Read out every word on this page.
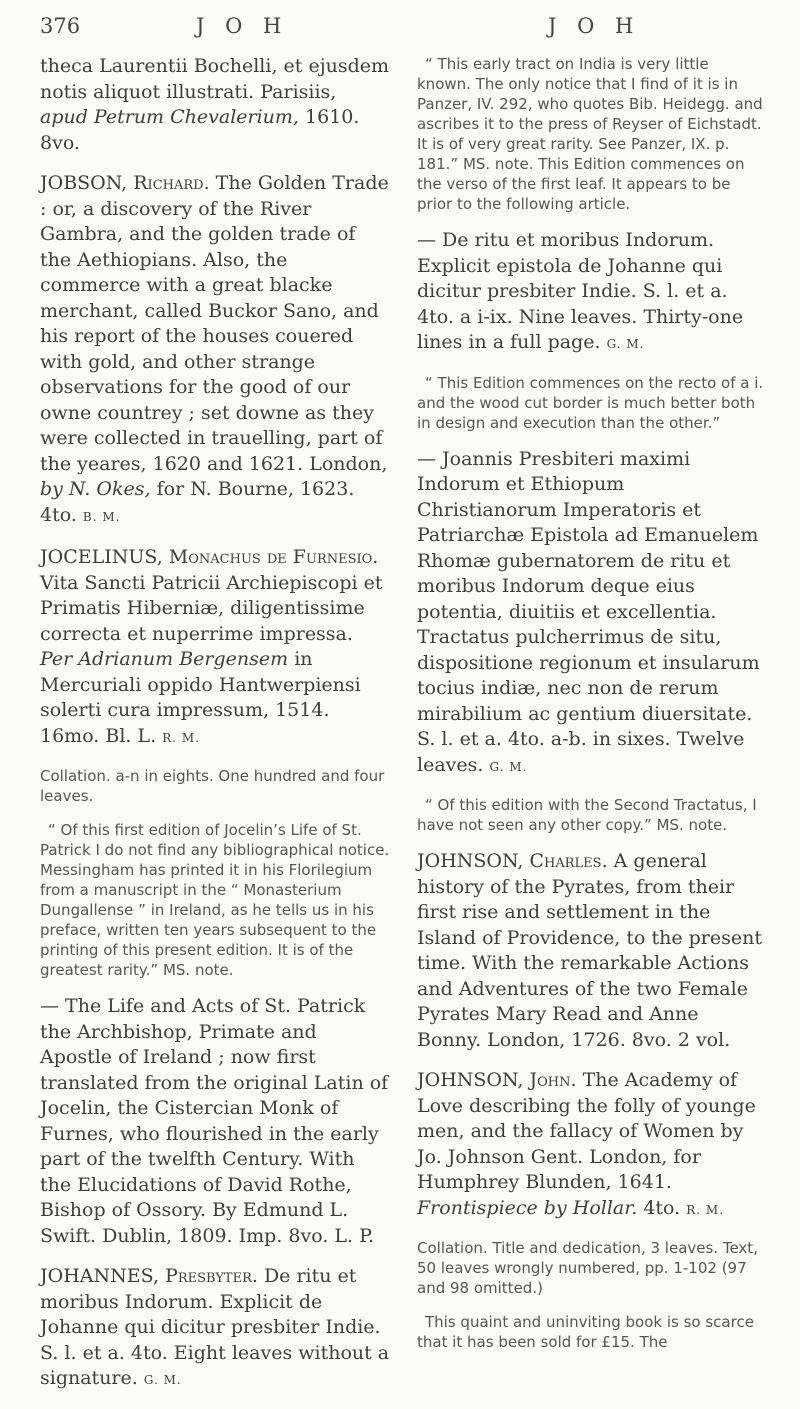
376	J O H	J O H

theca Laurentii Bochelli, et ejusdem notis aliquot illustrati. Parisiis, apud Petrum Chevalerium, 1610. 8vo.

JOBSON, Richard. The Golden Trade : or, a discovery of the River Gambra, and the golden trade of the Aethiopians. Also, the commerce with a great blacke merchant, called Buckor Sano, and his report of the houses couered with gold, and other strange observations for the good of our owne countrey ; set downe as they were collected in trauelling, part of the yeares, 1620 and 1621. London, by N. Okes, for N. Bourne, 1623. 4to. B. M.

JOCELINUS, Monachus de Furnesio. Vita Sancti Patricii Archiepiscopi et Primatis Hiberniæ, diligentissime correcta et nuperrime impressa. Per Adrianum Bergensem in Mercuriali oppido Hantwerpiensi solerti cura impressum, 1514. 16mo. Bl. L. R. M.

Collation. a-n in eights. One hundred and four leaves.

“ Of this first edition of Jocelin’s Life of St. Patrick I do not find any bibliographical notice. Messingham has printed it in his Florilegium from a manuscript in the “ Monasterium Dungallense ” in Ireland, as he tells us in his preface, written ten years subsequent to the printing of this present edition. It is of the greatest rarity.” MS. note.

— The Life and Acts of St. Patrick the Archbishop, Primate and Apostle of Ireland ; now first translated from the original Latin of Jocelin, the Cistercian Monk of Furnes, who flourished in the early part of the twelfth Century. With the Elucidations of David Rothe, Bishop of Ossory. By Edmund L. Swift. Dublin, 1809. Imp. 8vo. L. P.

JOHANNES, Presbyter. De ritu et moribus Indorum. Explicit de Johanne qui dicitur presbiter Indie. S. l. et a. 4to. Eight leaves without a signature. G. M.

“ This early tract on India is very little known. The only notice that I find of it is in Panzer, IV. 292, who quotes Bib. Heidegg. and ascribes it to the press of Reyser of Eichstadt. It is of very great rarity. See Panzer, IX. p. 181.” MS. note. This Edition commences on the verso of the first leaf. It appears to be prior to the following article.

— De ritu et moribus Indorum. Explicit epistola de Johanne qui dicitur presbiter Indie. S. l. et a. 4to. a i-ix. Nine leaves. Thirty-one lines in a full page. G. M.

“ This Edition commences on the recto of a i. and the wood cut border is much better both in design and execution than the other.”

— Joannis Presbiteri maximi Indorum et Ethiopum Christianorum Imperatoris et Patriarchæ Epistola ad Emanuelem Rhomæ gubernatorem de ritu et moribus Indorum deque eius potentia, diuitiis et excellentia. Tractatus pulcherrimus de situ, dispositione regionum et insularum tocius indiæ, nec non de rerum mirabilium ac gentium diuersitate. S. l. et a. 4to. a-b. in sixes. Twelve leaves. G. M.

“ Of this edition with the Second Tractatus, I have not seen any other copy.” MS. note.

JOHNSON, Charles. A general history of the Pyrates, from their first rise and settlement in the Island of Providence, to the present time. With the remarkable Actions and Adventures of the two Female Pyrates Mary Read and Anne Bonny. London, 1726. 8vo. 2 vol.

JOHNSON, John. The Academy of Love describing the folly of younge men, and the fallacy of Women by Jo. Johnson Gent. London, for Humphrey Blunden, 1641. Frontispiece by Hollar. 4to. R. M.

Collation. Title and dedication, 3 leaves. Text, 50 leaves wrongly numbered, pp. 1-102 (97 and 98 omitted.)

This quaint and uninviting book is so scarce that it has been sold for £15. The
